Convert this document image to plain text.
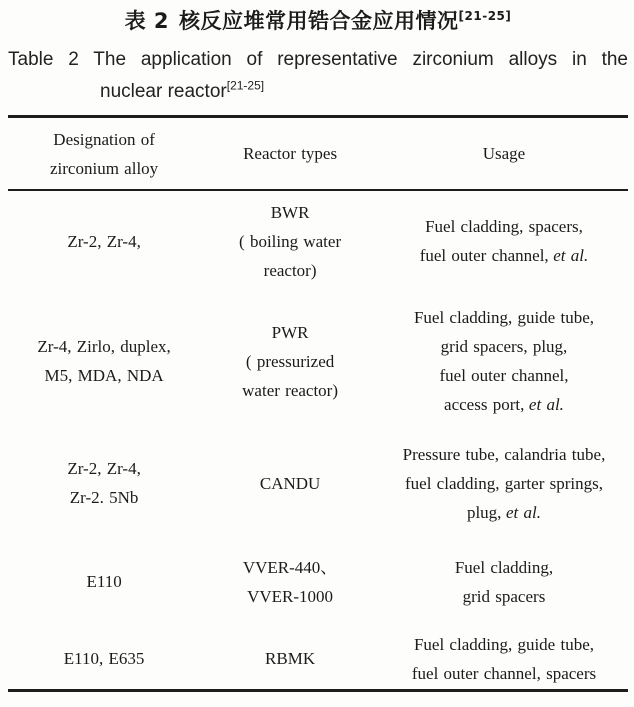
表 2 核反应堆常用锆合金应用情况[21-25]
Table 2 The application of representative zirconium alloys in the
nuclear reactor[21-25]
Designation of
zirconium alloy
Reactor types	Usage
Zr-2, Zr-4,
BWR
( boiling water
reactor)
Fuel cladding, spacers,
fuel outer channel, et al.
Zr-4, Zirlo, duplex,
M5, MDA, NDA
PWR
( pressurized
water reactor)
Fuel cladding, guide tube,
grid spacers, plug,
fuel outer channel,
access port, et al.
Zr-2, Zr-4,
Zr-2. 5Nb
CANDU
Pressure tube, calandria tube,
fuel cladding, garter springs,
plug, et al.
E110
VVER-440、
VVER-1000
Fuel cladding,
grid spacers
E110, E635	RBMK
Fuel cladding, guide tube,
fuel outer channel, spacers
